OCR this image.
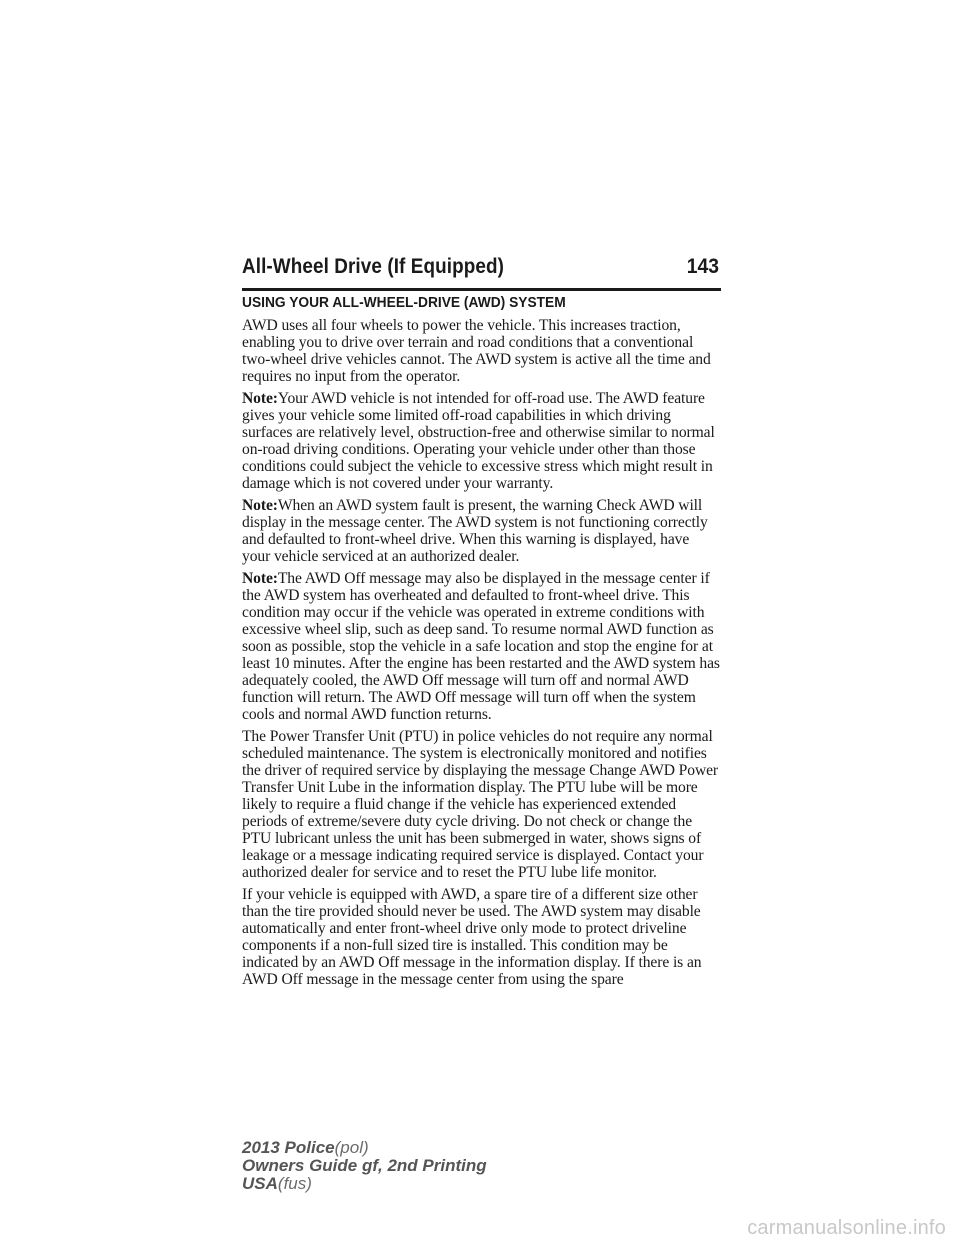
All-Wheel Drive (If Equipped)	143
USING YOUR ALL-WHEEL-DRIVE (AWD) SYSTEM

AWD uses all four wheels to power the vehicle. This increases traction, enabling you to drive over terrain and road conditions that a conventional two-wheel drive vehicles cannot. The AWD system is active all the time and requires no input from the operator.

Note:Your AWD vehicle is not intended for off-road use. The AWD feature gives your vehicle some limited off-road capabilities in which driving surfaces are relatively level, obstruction-free and otherwise similar to normal on-road driving conditions. Operating your vehicle under other than those conditions could subject the vehicle to excessive stress which might result in damage which is not covered under your warranty.

Note:When an AWD system fault is present, the warning Check AWD will display in the message center. The AWD system is not functioning correctly and defaulted to front-wheel drive. When this warning is displayed, have your vehicle serviced at an authorized dealer.

Note:The AWD Off message may also be displayed in the message center if the AWD system has overheated and defaulted to front-wheel drive. This condition may occur if the vehicle was operated in extreme conditions with excessive wheel slip, such as deep sand. To resume normal AWD function as soon as possible, stop the vehicle in a safe location and stop the engine for at least 10 minutes. After the engine has been restarted and the AWD system has adequately cooled, the AWD Off message will turn off and normal AWD function will return. The AWD Off message will turn off when the system cools and normal AWD function returns.

The Power Transfer Unit (PTU) in police vehicles do not require any normal scheduled maintenance. The system is electronically monitored and notifies the driver of required service by displaying the message Change AWD Power Transfer Unit Lube in the information display. The PTU lube will be more likely to require a fluid change if the vehicle has experienced extended periods of extreme/severe duty cycle driving. Do not check or change the PTU lubricant unless the unit has been submerged in water, shows signs of leakage or a message indicating required service is displayed. Contact your authorized dealer for service and to reset the PTU lube life monitor.

If your vehicle is equipped with AWD, a spare tire of a different size other than the tire provided should never be used. The AWD system may disable automatically and enter front-wheel drive only mode to protect driveline components if a non-full sized tire is installed. This condition may be indicated by an AWD Off message in the information display. If there is an AWD Off message in the message center from using the spare

2013 Police(pol)
Owners Guide gf, 2nd Printing
USA(fus)
carmanualsonline.info
